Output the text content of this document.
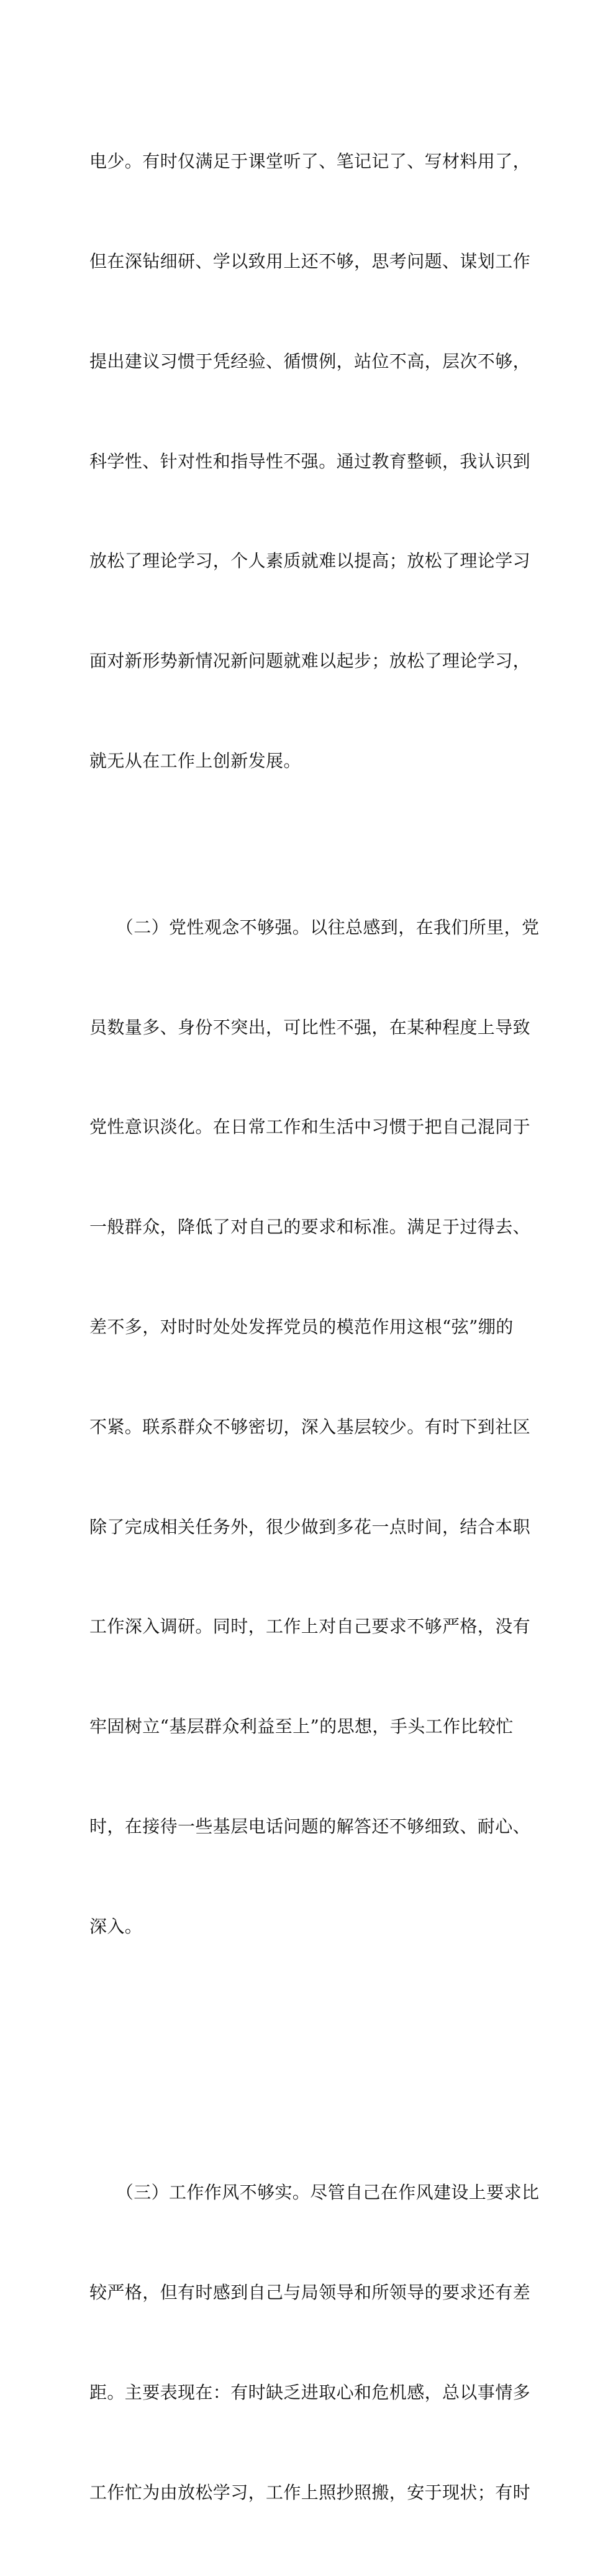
电少。有时仅满足于课堂听了、笔记记了、写材料用了，

但在深钻细研、学以致用上还不够，思考问题、谋划工作

提出建议习惯于凭经验、循惯例，站位不高，层次不够，

科学性、针对性和指导性不强。通过教育整顿，我认识到

放松了理论学习，个人素质就难以提高；放松了理论学习

面对新形势新情况新问题就难以起步；放松了理论学习，

就无从在工作上创新发展。

　　（二）党性观念不够强。以往总感到，在我们所里，党

员数量多、身份不突出，可比性不强，在某种程度上导致

党性意识淡化。在日常工作和生活中习惯于把自己混同于

一般群众，降低了对自己的要求和标准。满足于过得去、

差不多，对时时处处发挥党员的模范作用这根“弦”绷的

不紧。联系群众不够密切，深入基层较少。有时下到社区

除了完成相关任务外，很少做到多花一点时间，结合本职

工作深入调研。同时，工作上对自己要求不够严格，没有

牢固树立“基层群众利益至上”的思想，手头工作比较忙

时，在接待一些基层电话问题的解答还不够细致、耐心、

深入。

　　（三）工作作风不够实。尽管自己在作风建设上要求比

较严格，但有时感到自己与局领导和所领导的要求还有差

距。主要表现在：有时缺乏进取心和危机感，总以事情多

工作忙为由放松学习，工作上照抄照搬，安于现状；有时
